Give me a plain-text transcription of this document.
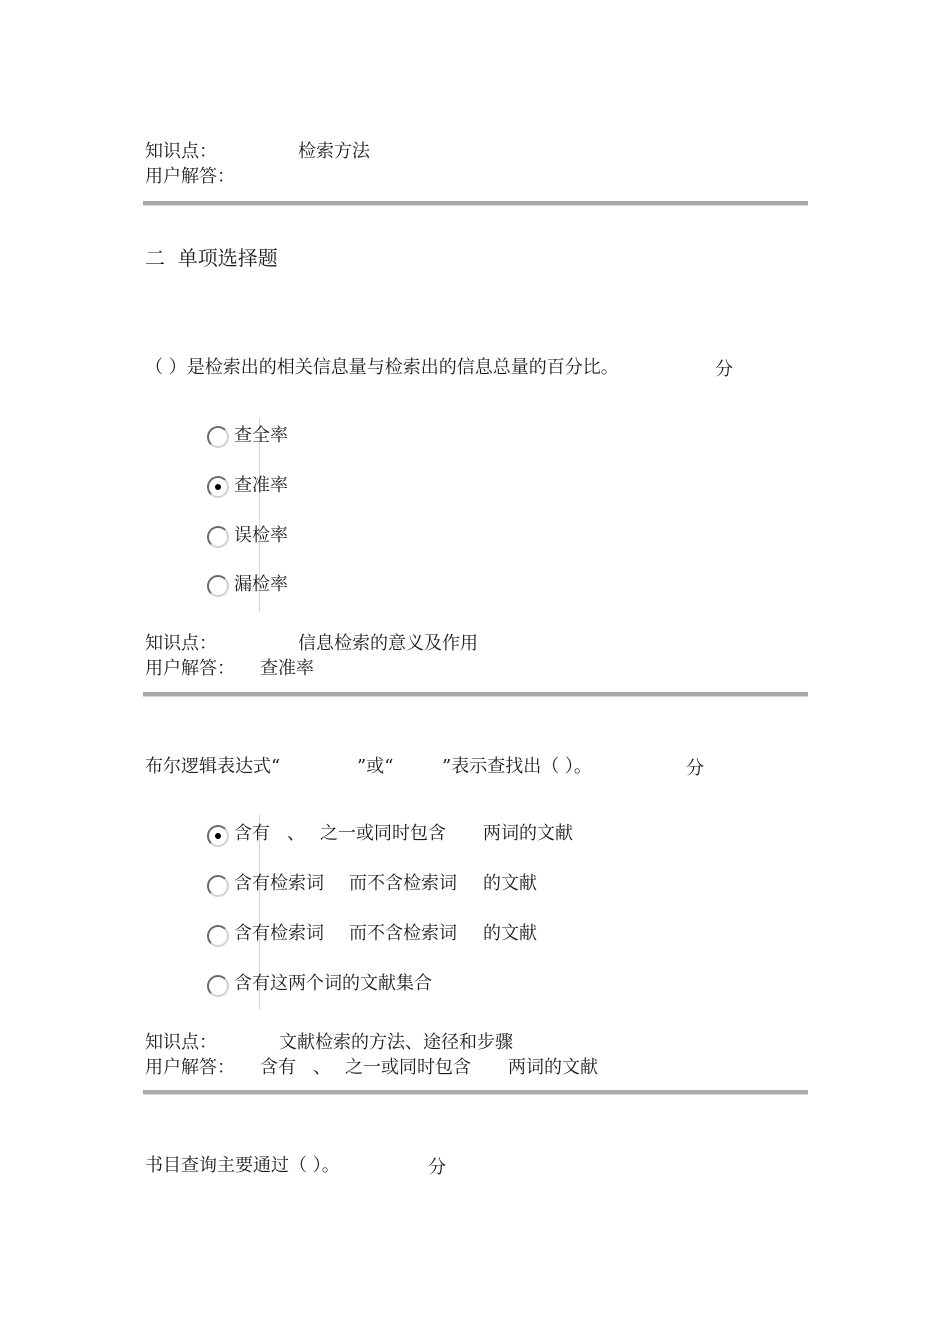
知识点：	检索方法
用户解答：
二  单项选择题
（ ）是检索出的相关信息量与检索出的信息总量的百分比。	分
查全率
查准率
误检率
漏检率
知识点：	信息检索的意义及作用
用户解答： 查准率
布尔逻辑表达式“	”或“	”表示查找出（ ）。	分
含有 、 之一或同时包含 两词的文献
含有检索词 而不含检索词 的文献
含有检索词 而不含检索词 的文献
含有这两个词的文献集合
知识点：	文献检索的方法、途径和步骤
用户解答： 含有 、 之一或同时包含 两词的文献
书目查询主要通过（ ）。	分
